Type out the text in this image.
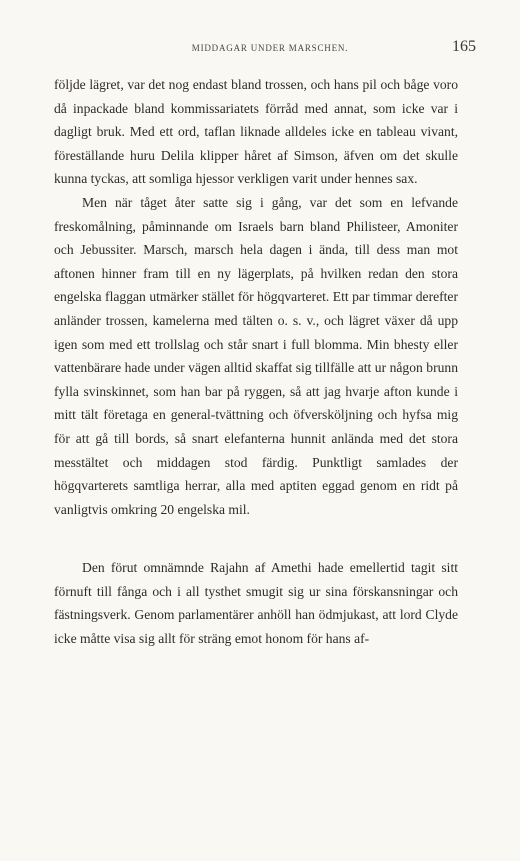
MIDDAGAR UNDER MARSCHEN.	165

följde lägret, var det nog endast bland trossen, och hans pil och båge voro då inpackade bland kommissariatets förråd med annat, som icke var i dagligt bruk. Med ett ord, taflan liknade alldeles icke en tableau vivant, föreställande huru Delila klipper håret af Simson, äfven om det skulle kunna tyckas, att somliga hjessor verkligen varit under hennes sax.

Men när tåget åter satte sig i gång, var det som en lefvande freskomålning, påminnande om Israels barn bland Philisteer, Amoniter och Jebussiter. Marsch, marsch hela dagen i ända, till dess man mot aftonen hinner fram till en ny lägerplats, på hvilken redan den stora engelska flaggan utmärker stället för högqvarteret. Ett par timmar derefter anländer trossen, kamelerna med tälten o. s. v., och lägret växer då upp igen som med ett trollslag och står snart i full blomma. Min bhesty eller vattenbärare hade under vägen alltid skaffat sig tillfälle att ur någon brunn fylla svinskinnet, som han bar på ryggen, så att jag hvarje afton kunde i mitt tält företaga en general-tvättning och öfversköljning och hyfsa mig för att gå till bords, så snart elefanterna hunnit anlända med det stora messtältet och middagen stod färdig. Punktligt samlades der högqvarterets samtliga herrar, alla med aptiten eggad genom en ridt på vanligtvis omkring 20 engelska mil.

Den förut omnämnde Rajahn af Amethi hade emellertid tagit sitt förnuft till fånga och i all tysthet smugit sig ur sina förskansningar och fästningsverk. Genom parlamentärer anhöll han ödmjukast, att lord Clyde icke måtte visa sig allt för sträng emot honom för hans af-
